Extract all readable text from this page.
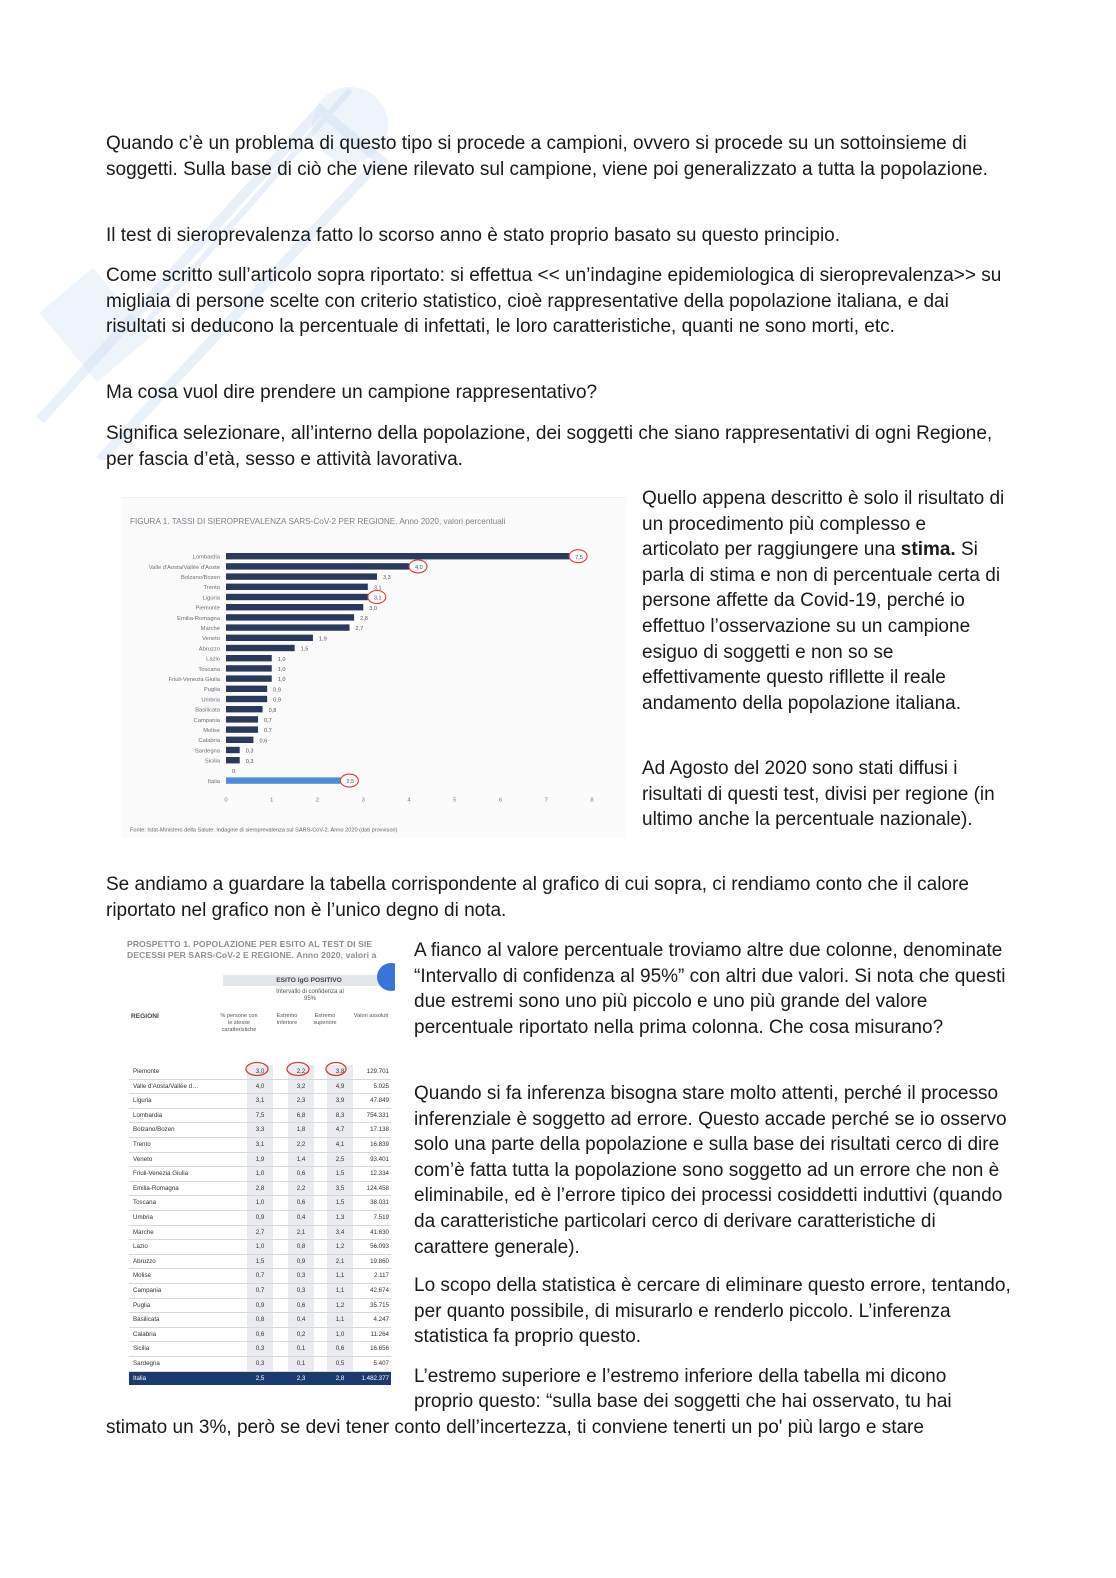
Quando c’è un problema di questo tipo si procede a campioni, ovvero si procede su un sottoinsieme di soggetti. Sulla base di ciò che viene rilevato sul campione, viene poi generalizzato a tutta la popolazione.

Il test di sieroprevalenza fatto lo scorso anno è stato proprio basato su questo principio.

Come scritto sull’articolo sopra riportato: si effettua << un’indagine epidemiologica di sieroprevalenza>> su migliaia di persone scelte con criterio statistico, cioè rappresentative della popolazione italiana, e dai risultati si deducono la percentuale di infettati, le loro caratteristiche, quanti ne sono morti, etc.

Ma cosa vuol dire prendere un campione rappresentativo?

Significa selezionare, all’interno della popolazione, dei soggetti che siano rappresentativi di ogni Regione, per fascia d’età, sesso e attività lavorativa.

FIGURA 1. TASSI DI SIEROPREVALENZA SARS-CoV-2 PER REGIONE. Anno 2020, valori percentuali
Lombardia	7,5
Valle d'Aosta/Vallée d'Aoste	4,0
Bolzano/Bozen	3,3
Trento	3,1
Liguria	3,1
Piemonte	3,0
Emilia-Romagna	2,8
Marche	2,7
Veneto	1,9
Abruzzo	1,5
Lazio	1,0
Toscana	1,0
Friuli-Venezia Giulia	1,0
Puglia	0,9
Umbria	0,9
Basilicata	0,8
Campania	0,7
Molise	0,7
Calabria	0,6
Sardegna	0,3
Sicilia	0,3
0
Italia	2,5
0	1	2	3	4	5	6	7	8
Fonte: Istat-Ministero della Salute. Indagine di sieroprevalenza sul SARS-CoV-2. Anno 2020 (dati provvisori)

Quello appena descritto è solo il risultato di un procedimento più complesso e articolato per raggiungere una stima. Si parla di stima e non di percentuale certa di persone affette da Covid-19, perché io effettuo l’osservazione su un campione esiguo di soggetti e non so se effettivamente questo rifllette il reale andamento della popolazione italiana.

Ad Agosto del 2020 sono stati diffusi i risultati di questi test, divisi per regione (in ultimo anche la percentuale nazionale).

Se andiamo a guardare la tabella corrispondente al grafico di cui sopra, ci rendiamo conto che il calore riportato nel grafico non è l’unico degno di nota.

PROSPETTO 1. POPOLAZIONE PER ESITO AL TEST DI SIE DECESSI PER SARS-CoV-2 E REGIONE. Anno 2020, valori a
ESITO IgG POSITIVO
Intervallo di confidenza al 95%
REGIONI	% persone con le stesse caratteristiche
Estremo inferiore
Estremo superiore
Valori assoluti
Piemonte	3,0	2,2	3,8	129.701
Valle d'Aosta/Vallée d…	4,0	3,2	4,9	5.025
Liguria	3,1	2,3	3,9	47.849
Lombardia	7,5	6,8	8,3	754.331
Bolzano/Bozen	3,3	1,8	4,7	17.138
Trento	3,1	2,2	4,1	16.839
Veneto	1,9	1,4	2,5	93.401
Friuli-Venezia Giulia	1,0	0,6	1,5	12.334
Emilia-Romagna	2,8	2,2	3,5	124.458
Toscana	1,0	0,6	1,5	38.031
Umbria	0,9	0,4	1,3	7.519
Marche	2,7	2,1	3,4	41.630
Lazio	1,0	0,8	1,2	56.093
Abruzzo	1,5	0,9	2,1	19.860
Molise	0,7	0,3	1,1	2.117
Campania	0,7	0,3	1,1	42.674
Puglia	0,9	0,6	1,2	35.715
Basilicata	0,8	0,4	1,1	4.247
Calabria	0,6	0,2	1,0	11.264
Sicilia	0,3	0,1	0,6	16.656
Sardegna	0,3	0,1	0,5	5.407
Italia	2,5	2,3	2,8	1.482.377

A fianco al valore percentuale troviamo altre due colonne, denominate “Intervallo di confidenza al 95%” con altri due valori. Si nota che questi due estremi sono uno più piccolo e uno più grande del valore percentuale riportato nella prima colonna. Che cosa misurano?

Quando si fa inferenza bisogna stare molto attenti, perché il processo inferenziale è soggetto ad errore. Questo accade perché se io osservo solo una parte della popolazione e sulla base dei risultati cerco di dire com’è fatta tutta la popolazione sono soggetto ad un errore che non è eliminabile, ed è l’errore tipico dei processi cosiddetti induttivi (quando da caratteristiche particolari cerco di derivare caratteristiche di carattere generale).

Lo scopo della statistica è cercare di eliminare questo errore, tentando, per quanto possibile, di misurarlo e renderlo piccolo. L’inferenza statistica fa proprio questo.

L’estremo superiore e l’estremo inferiore della tabella mi dicono

proprio questo: “sulla base dei soggetti che hai osservato, tu hai

stimato un 3%, però se devi tener conto dell’incertezza, ti conviene tenerti un po' più largo e stare
